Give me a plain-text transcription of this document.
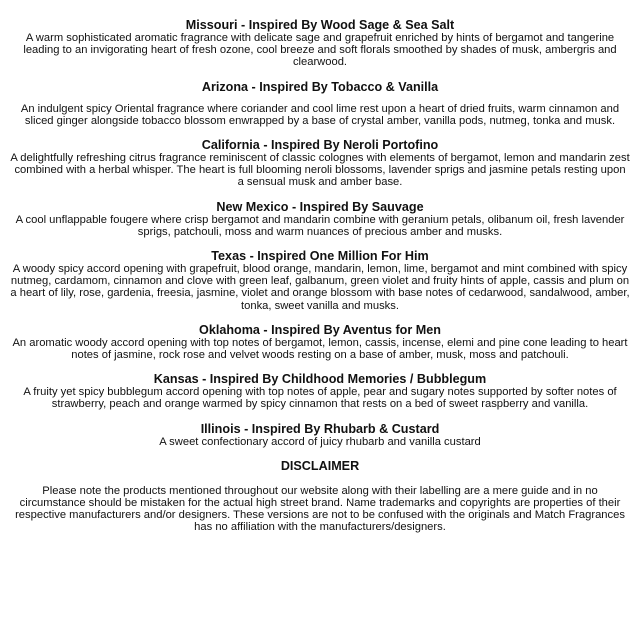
Missouri - Inspired By Wood Sage & Sea Salt

A warm sophisticated aromatic fragrance with delicate sage and grapefruit enriched by hints of bergamot and tangerine leading to an invigorating heart of fresh ozone, cool breeze and soft florals smoothed by shades of musk, ambergris and clearwood.

Arizona - Inspired By Tobacco & Vanilla

An indulgent spicy Oriental fragrance where coriander and cool lime rest upon a heart of dried fruits, warm cinnamon and sliced ginger alongside tobacco blossom enwrapped by a base of crystal amber, vanilla pods, nutmeg, tonka and musk.

California - Inspired By Neroli Portofino

A delightfully refreshing citrus fragrance reminiscent of classic colognes with elements of bergamot, lemon and mandarin zest combined with a herbal whisper. The heart is full blooming neroli blossoms, lavender sprigs and jasmine petals resting upon a sensual musk and amber base.

New Mexico - Inspired By Sauvage

A cool unflappable fougere where crisp bergamot and mandarin combine with geranium petals, olibanum oil, fresh lavender sprigs, patchouli, moss and warm nuances of precious amber and musks.

Texas - Inspired One Million For Him

A woody spicy accord opening with grapefruit, blood orange, mandarin, lemon, lime, bergamot and mint combined with spicy nutmeg, cardamom, cinnamon and clove with green leaf, galbanum, green violet and fruity hints of apple, cassis and plum on a heart of lily, rose, gardenia, freesia, jasmine, violet and orange blossom with base notes of cedarwood, sandalwood, amber, tonka, sweet vanilla and musks.

Oklahoma - Inspired By Aventus for Men

An aromatic woody accord opening with top notes of bergamot, lemon, cassis, incense, elemi and pine cone leading to heart notes of jasmine, rock rose and velvet woods resting on a base of amber, musk, moss and patchouli.

Kansas - Inspired By Childhood Memories / Bubblegum

A fruity yet spicy bubblegum accord opening with top notes of apple, pear and sugary notes supported by softer notes of strawberry, peach and orange warmed by spicy cinnamon that rests on a bed of sweet raspberry and vanilla.

Illinois - Inspired By Rhubarb & Custard

A sweet confectionary accord of juicy rhubarb and vanilla custard

DISCLAIMER

Please note the products mentioned throughout our website along with their labelling are a mere guide and in no circumstance should be mistaken for the actual high street brand. Name trademarks and copyrights are properties of their respective manufacturers and/or designers. These versions are not to be confused with the originals and Match Fragrances has no affiliation with the manufacturers/designers.
